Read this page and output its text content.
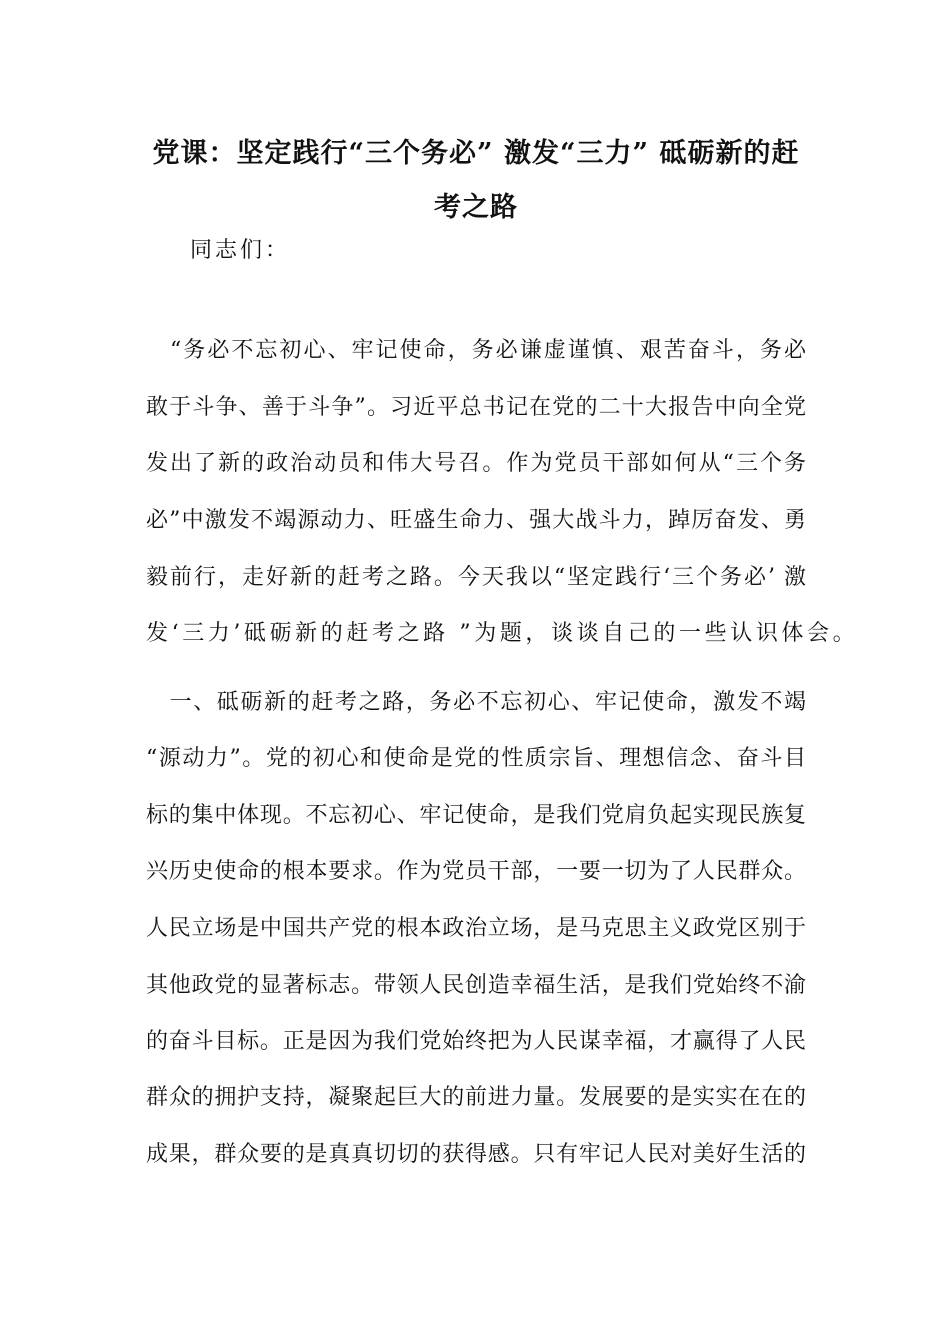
党课：坚定践行“三个务必” 激发“三力” 砥砺新的赶考之路

同志们：

　“务必不忘初心、牢记使命，务必谦虚谨慎、艰苦奋斗，务必

敢于斗争、善于斗争”。习近平总书记在党的二十大报告中向全党

发出了新的政治动员和伟大号召。作为党员干部如何从“三个务

必”中激发不竭源动力、旺盛生命力、强大战斗力，踔厉奋发、勇

毅前行，走好新的赶考之路。今天我以“坚定践行‘三个务必’ 激

发‘三力’砥砺新的赶考之路 ”为题，谈谈自己的一些认识体会。

　一、砥砺新的赶考之路，务必不忘初心、牢记使命，激发不竭

“源动力”。党的初心和使命是党的性质宗旨、理想信念、奋斗目

标的集中体现。不忘初心、牢记使命，是我们党肩负起实现民族复

兴历史使命的根本要求。作为党员干部，一要一切为了人民群众。

人民立场是中国共产党的根本政治立场，是马克思主义政党区别于

其他政党的显著标志。带领人民创造幸福生活，是我们党始终不渝

的奋斗目标。正是因为我们党始终把为人民谋幸福，才赢得了人民

群众的拥护支持，凝聚起巨大的前进力量。发展要的是实实在在的

成果，群众要的是真真切切的获得感。只有牢记人民对美好生活的
